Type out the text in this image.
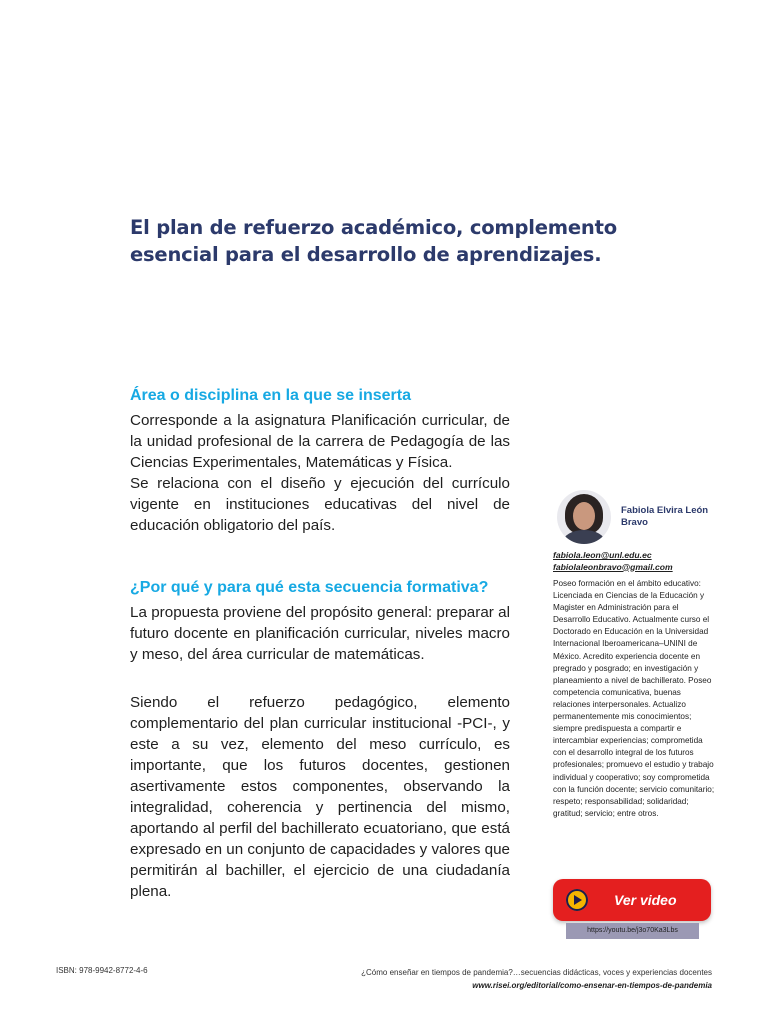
El plan de refuerzo académico, complemento
esencial para el desarrollo de aprendizajes.
Área o disciplina en la que se inserta

Corresponde a la asignatura Planificación curricular, de la unidad profesional de la carrera de Pedagogía de las Ciencias Experimentales, Matemáticas y Física.

Se relaciona con el diseño y ejecución del currículo vigente en instituciones educativas del nivel de educación obligatorio del país.

¿Por qué y para qué esta secuencia formativa?

La propuesta proviene del propósito general: preparar al futuro docente en planificación curricular, niveles macro y meso, del área curricular de matemáticas.

Siendo el refuerzo pedagógico, elemento complementario del plan curricular institucional -PCI-, y este a su vez, elemento del meso currículo, es importante, que los futuros docentes, gestionen asertivamente estos componentes, observando la integralidad, coherencia y pertinencia del mismo, aportando al perfil del bachillerato ecuatoriano, que está expresado en un conjunto de capacidades y valores que permitirán al bachiller, el ejercicio de una ciudadanía plena.

Fabiola Elvira León Bravo
fabiola.leon@unl.edu.ec
fabiolaleonbravo@gmail.com

Poseo formación en el ámbito educativo: Licenciada en Ciencias de la Educación y Magister en Administración para el Desarrollo Educativo. Actualmente curso el Doctorado en Educación en la Universidad Internacional Iberoamericana–UNINI de México. Acredito experiencia docente en pregrado y posgrado; en investigación y planeamiento a nivel de bachillerato. Poseo competencia comunicativa, buenas relaciones interpersonales. Actualizo permanentemente mis conocimientos; siempre predispuesta a compartir e intercambiar experiencias; comprometida con el desarrollo integral de los futuros profesionales; promuevo el estudio y trabajo individual y cooperativo; soy comprometida con la función docente; servicio comunitario; respeto; responsabilidad; solidaridad; gratitud; servicio; entre otros.

Ver video
https://youtu.be/j3o70Ka3Lbs
ISBN: 978-9942-8772-4-6	¿Cómo enseñar en tiempos de pandemia?…secuencias didácticas, voces y experiencias docentes
www.risei.org/editorial/como-ensenar-en-tiempos-de-pandemia
